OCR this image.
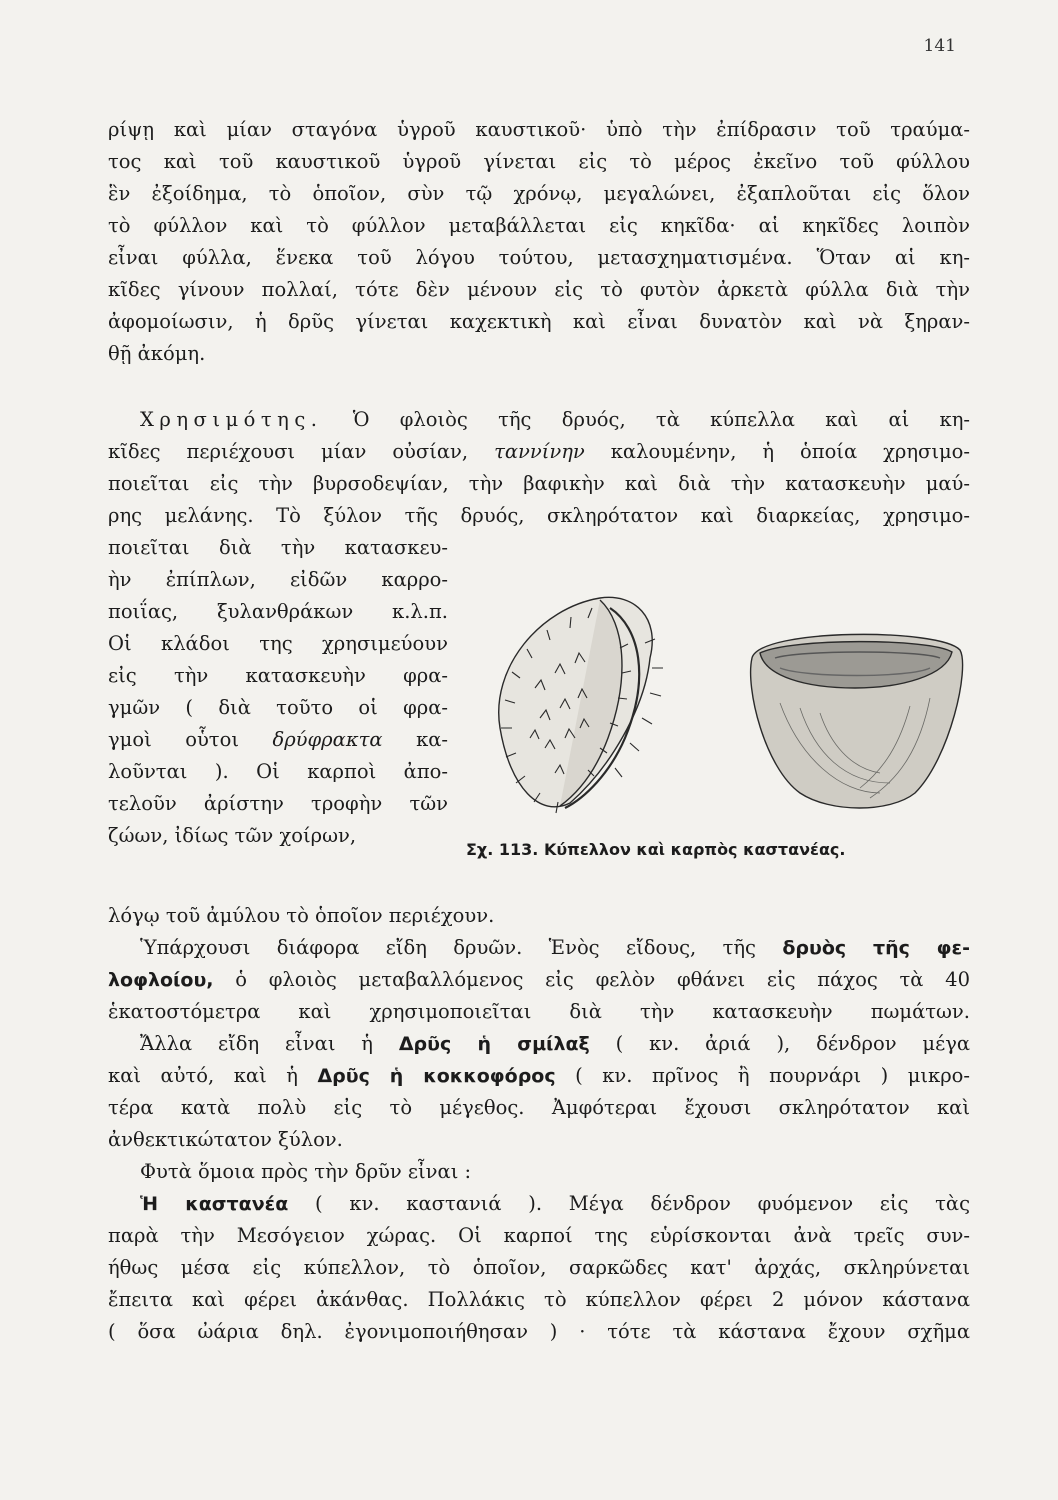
141
ρίψῃ καὶ μίαν σταγόνα ὑγροῦ καυστικοῦ· ὑπὸ τὴν ἐπίδρασιν τοῦ τραύμα-
τος καὶ τοῦ καυστικοῦ ὑγροῦ γίνεται εἰς τὸ μέρος ἐκεῖνο τοῦ φύλλου
ἓν ἐξοίδημα, τὸ ὁποῖον, σὺν τῷ χρόνῳ, μεγαλώνει, ἐξαπλοῦται εἰς ὅλον
τὸ φύλλον καὶ τὸ φύλλον μεταβάλλεται εἰς κηκῖδα· αἱ κηκῖδες λοιπὸν
εἶναι φύλλα, ἕνεκα τοῦ λόγου τούτου, μετασχηματισμένα. Ὅταν αἱ κη-
κῖδες γίνουν πολλαί, τότε δὲν μένουν εἰς τὸ φυτὸν ἀρκετὰ φύλλα διὰ τὴν
ἀφομοίωσιν, ἡ δρῦς γίνεται καχεκτικὴ καὶ εἶναι δυνατὸν καὶ νὰ ξηραν-
θῇ ἀκόμη.
Χρησιμότης. Ὁ φλοιὸς τῆς δρυός, τὰ κύπελλα καὶ αἱ κη-
κῖδες περιέχουσι μίαν οὐσίαν, ταννίνην καλουμένην, ἡ ὁποία χρησιμο-
ποιεῖται εἰς τὴν βυρσοδεψίαν, τὴν βαφικὴν καὶ διὰ τὴν κατασκευὴν μαύ-
ρης μελάνης. Τὸ ξύλον τῆς δρυός, σκληρότατον καὶ διαρκείας, χρησιμο-
ποιεῖται διὰ τὴν κατασκευ-
ὴν ἐπίπλων, εἰδῶν καρρο-
ποιΐας, ξυλανθράκων κ.λ.π.
Οἱ κλάδοι της χρησιμεύουν
εἰς τὴν κατασκευὴν φρα-
γμῶν ( διὰ τοῦτο οἱ φρα-
γμοὶ οὗτοι δρύφρακτα κα-
λοῦνται ). Οἱ καρποὶ ἀπο-
τελοῦν ἀρίστην τροφὴν τῶν
ζώων, ἰδίως τῶν χοίρων,
Σχ. 113. Κύπελλον καὶ καρπὸς καστανέας.
λόγῳ τοῦ ἀμύλου τὸ ὁποῖον περιέχουν.
Ὑπάρχουσι διάφορα εἴδη δρυῶν. Ἑνὸς εἴδους, τῆς δρυὸς τῆς φε-
λοφλοίου, ὁ φλοιὸς μεταβαλλόμενος εἰς φελὸν φθάνει εἰς πάχος τὰ 40
ἑκατοστόμετρα καὶ χρησιμοποιεῖται διὰ τὴν κατασκευὴν πωμάτων.
Ἄλλα εἴδη εἶναι ἡ Δρῦς ἡ σμίλαξ ( κν. ἀριά ), δένδρον μέγα
καὶ αὐτό, καὶ ἡ Δρῦς ἡ κοκκοφόρος ( κν. πρῖνος ἢ πουρνάρι ) μικρο-
τέρα κατὰ πολὺ εἰς τὸ μέγεθος. Ἀμφότεραι ἔχουσι σκληρότατον καὶ
ἀνθεκτικώτατον ξύλον.
Φυτὰ ὅμοια πρὸς τὴν δρῦν εἶναι :
Ἡ καστανέα ( κν. καστανιά ). Μέγα δένδρον φυόμενον εἰς τὰς
παρὰ τὴν Μεσόγειον χώρας. Οἱ καρποί της εὑρίσκονται ἀνὰ τρεῖς συν-
ήθως μέσα εἰς κύπελλον, τὸ ὁποῖον, σαρκῶδες κατ' ἀρχάς, σκληρύνεται
ἔπειτα καὶ φέρει ἀκάνθας. Πολλάκις τὸ κύπελλον φέρει 2 μόνον κάστανα
( ὅσα ὠάρια δηλ. ἐγονιμοποιήθησαν ) · τότε τὰ κάστανα ἔχουν σχῆμα
